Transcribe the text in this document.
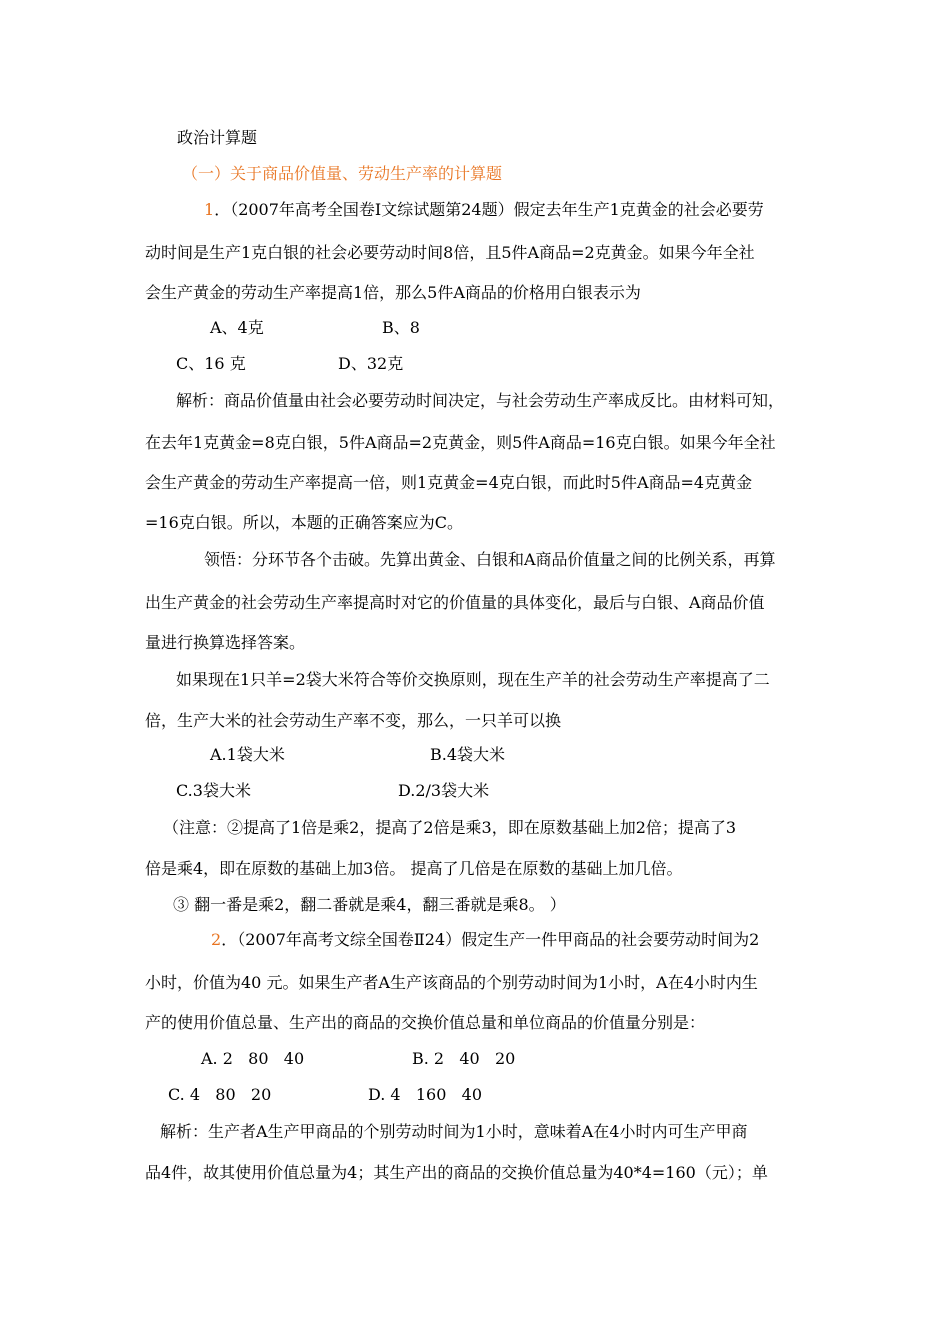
政治计算题
（一）关于商品价值量、劳动生产率的计算题
1．（2007年高考全国卷Ⅰ文综试题第24题）假定去年生产1克黄金的社会必要劳
动时间是生产1克白银的社会必要劳动时间8倍，且5件A商品=2克黄金。如果今年全社
会生产黄金的劳动生产率提高1倍，那么5件A商品的价格用白银表示为
A、4克	B、8
C、16 克	D、32克
解析：商品价值量由社会必要劳动时间决定，与社会劳动生产率成反比。由材料可知，
在去年1克黄金=8克白银，5件A商品=2克黄金，则5件A商品=16克白银。如果今年全社
会生产黄金的劳动生产率提高一倍，则1克黄金=4克白银，而此时5件A商品=4克黄金
=16克白银。所以，本题的正确答案应为C。
领悟：分环节各个击破。先算出黄金、白银和A商品价值量之间的比例关系，再算
出生产黄金的社会劳动生产率提高时对它的价值量的具体变化，最后与白银、A商品价值
量进行换算选择答案。
如果现在1只羊=2袋大米符合等价交换原则，现在生产羊的社会劳动生产率提高了二
倍，生产大米的社会劳动生产率不变，那么，一只羊可以换
A.1袋大米	B.4袋大米
C.3袋大米	D.2/3袋大米
（注意：②提高了1倍是乘2，提高了2倍是乘3，即在原数基础上加2倍；提高了3
倍是乘4，即在原数的基础上加3倍。 提高了几倍是在原数的基础上加几倍。
③ 翻一番是乘2，翻二番就是乘4，翻三番就是乘8。 ）
2．（2007年高考文综全国卷Ⅱ24）假定生产一件甲商品的社会要劳动时间为2
小时，价值为40 元。如果生产者A生产该商品的个别劳动时间为1小时，A在4小时内生
产的使用价值总量、生产出的商品的交换价值总量和单位商品的价值量分别是：
A. 2   80   40	B. 2   40   20
C. 4   80   20	D. 4   160   40
解析：生产者A生产甲商品的个别劳动时间为1小时，意味着A在4小时内可生产甲商
品4件，故其使用价值总量为4；其生产出的商品的交换价值总量为40*4=160（元）；单
